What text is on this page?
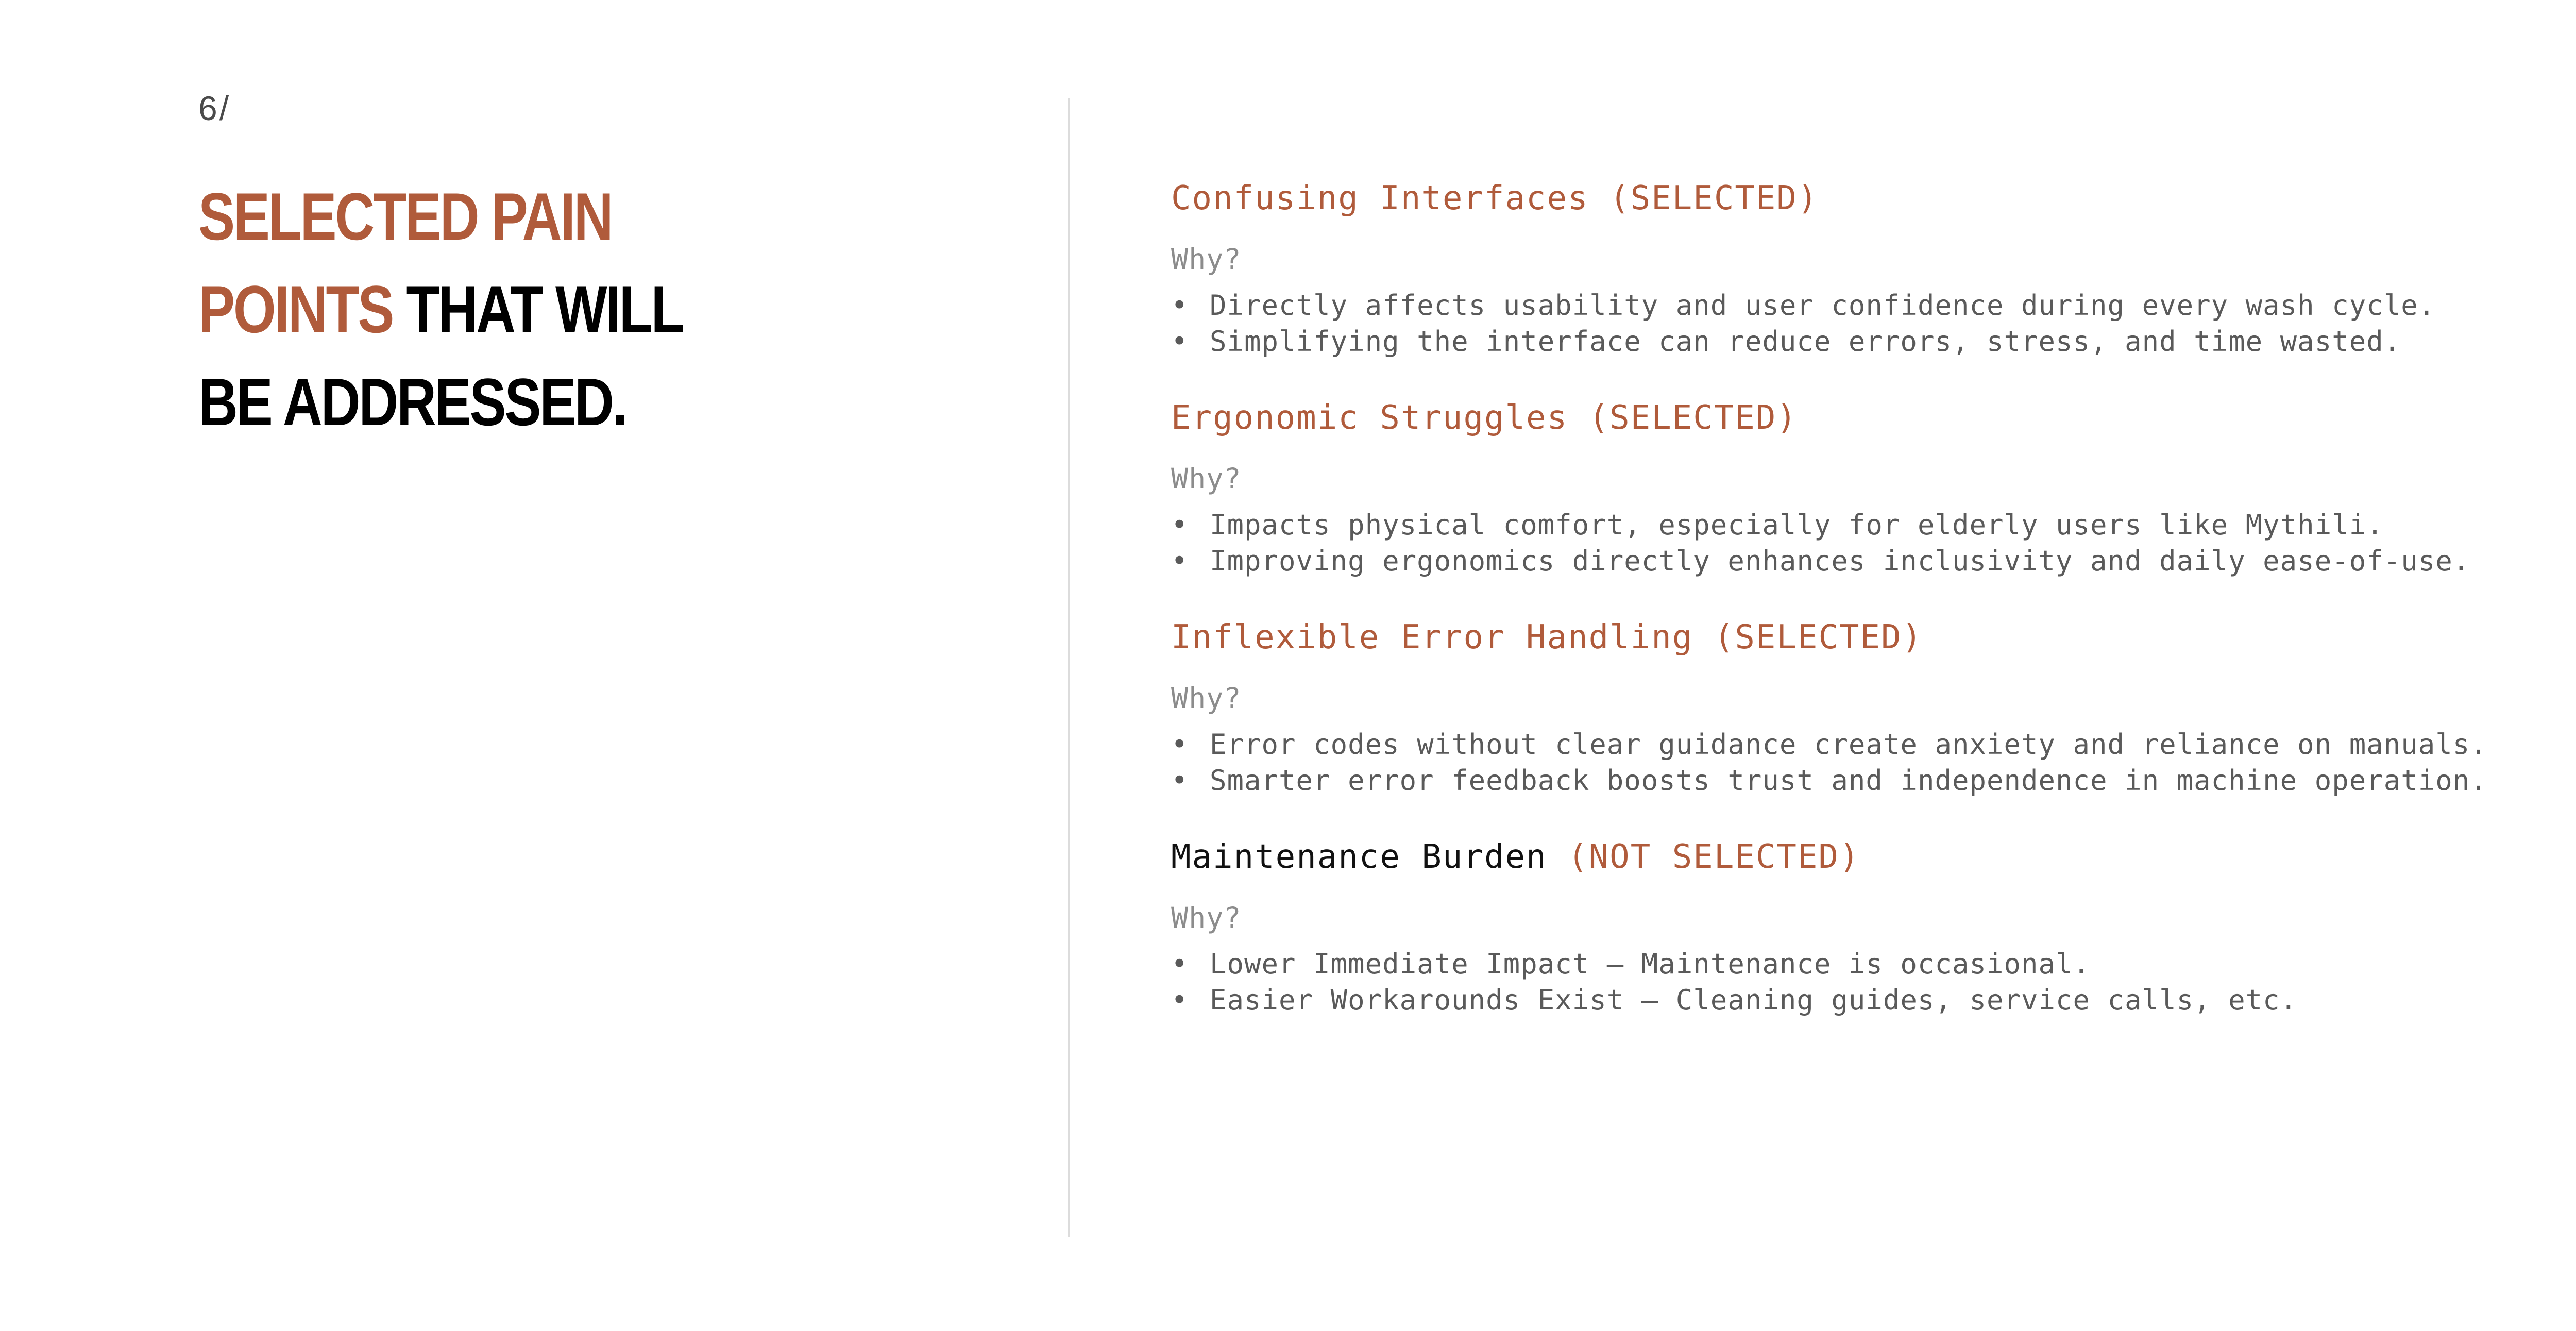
6/
SELECTED PAIN
POINTS THAT WILL
BE ADDRESSED.
Confusing Interfaces (SELECTED)
Why?
• Directly affects usability and user confidence during every wash cycle.
• Simplifying the interface can reduce errors, stress, and time wasted.
Ergonomic Struggles (SELECTED)
Why?
• Impacts physical comfort, especially for elderly users like Mythili.
• Improving ergonomics directly enhances inclusivity and daily ease-of-use.
Inflexible Error Handling (SELECTED)
Why?
• Error codes without clear guidance create anxiety and reliance on manuals.
• Smarter error feedback boosts trust and independence in machine operation.
Maintenance Burden (NOT SELECTED)
Why?
• Lower Immediate Impact – Maintenance is occasional.
• Easier Workarounds Exist – Cleaning guides, service calls, etc.
